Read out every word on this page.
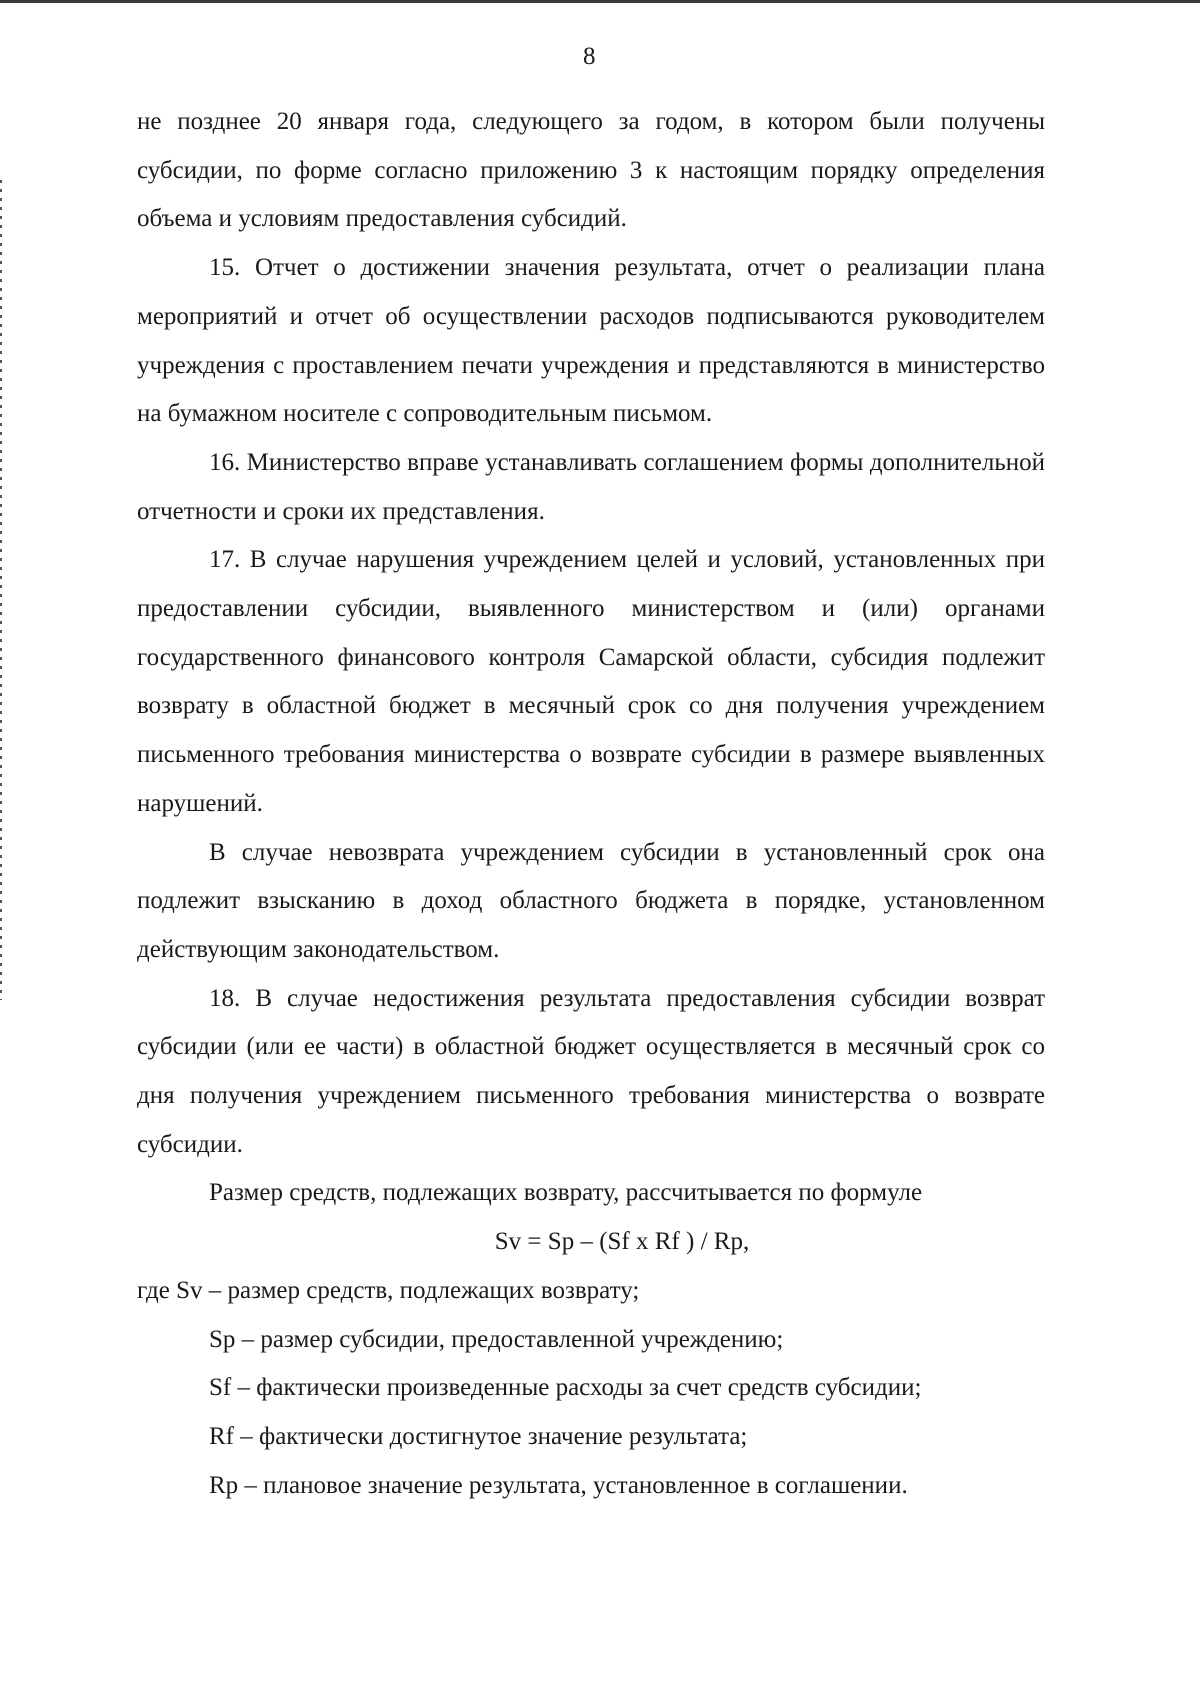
8

не позднее 20 января года, следующего за годом, в котором были получены субсидии, по форме согласно приложению 3 к настоящим порядку определения объема и условиям предоставления субсидий.

15. Отчет о достижении значения результата, отчет о реализации плана мероприятий и отчет об осуществлении расходов подписываются руководителем учреждения с проставлением печати учреждения и представляются в министерство на бумажном носителе с сопроводительным письмом.

16. Министерство вправе устанавливать соглашением формы дополнительной отчетности и сроки их представления.

17. В случае нарушения учреждением целей и условий, установленных при предоставлении субсидии, выявленного министерством и (или) органами государственного финансового контроля Самарской области, субсидия подлежит возврату в областной бюджет в месячный срок со дня получения учреждением письменного требования министерства о возврате субсидии в размере выявленных нарушений.

В случае невозврата учреждением субсидии в установленный срок она подлежит взысканию в доход областного бюджета в порядке, установленном действующим законодательством.

18. В случае недостижения результата предоставления субсидии возврат субсидии (или ее части) в областной бюджет осуществляется в месячный срок со дня получения учреждением письменного требования министерства о возврате субсидии.

Размер средств, подлежащих возврату, рассчитывается по формуле

Sv = Sp – (Sf x Rf ) / Rp,

где Sv – размер средств, подлежащих возврату;

Sp – размер субсидии, предоставленной учреждению;

Sf – фактически произведенные расходы за счет средств субсидии;

Rf – фактически достигнутое значение результата;

Rp – плановое значение результата, установленное в соглашении.
